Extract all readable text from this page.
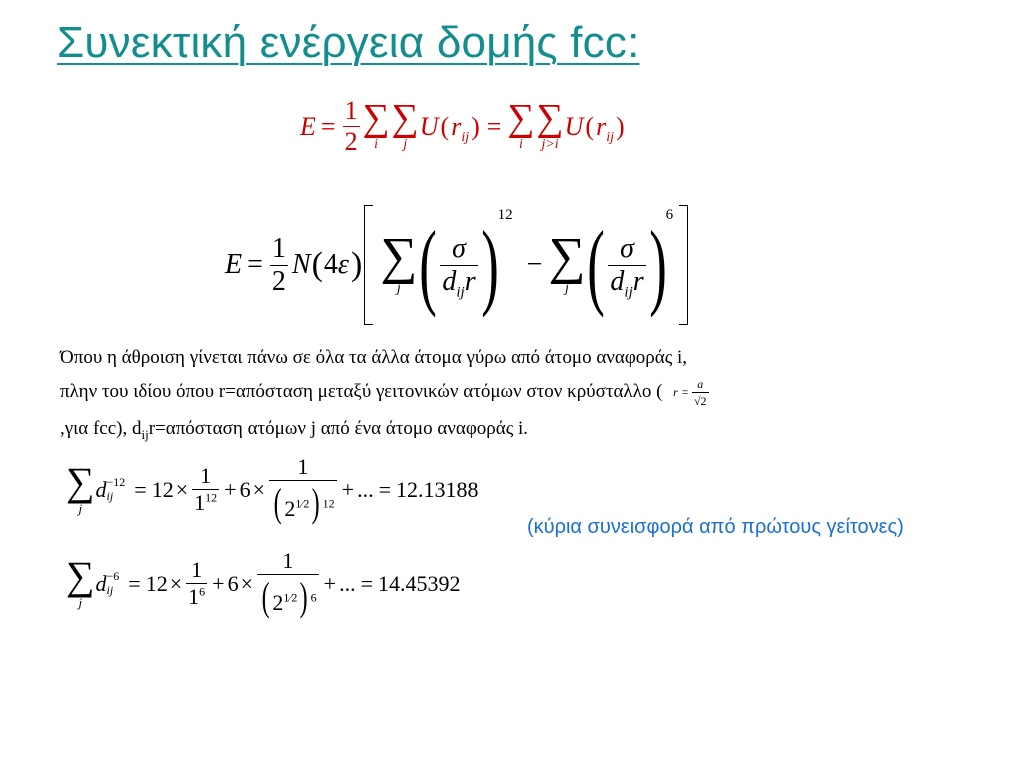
Συνεκτική ενέργεια δομής fcc:
$E = \frac{1}{2}$ ∑
i
∑
j
U ( $r_{ij}$ ) = ∑
i
∑
j>i
U ( $r_{ij}$ )
$E = \frac{1}{2}$ N ( 4 ε ) ∑
j ( $\frac{\sigma}{d_{ij}r}$ ) 12
− ∑
j ( $\frac{\sigma}{d_{ij}r}$ ) 6
Όπου η άθροιση γίνεται πάνω σε όλα τα άλλα άτομα γύρω από άτομο αναφοράς i,
πλην του ιδίου όπου r=απόσταση μεταξύ γειτονικών ατόμων στον κρύσταλλο ( $r = \frac{a}{√2}$
,για fcc), $d_{ij}r=\alpha\pi ό\sigma\tau\alpha\sigma\eta$ ατόμων j από ένα άτομο αναφοράς i.
∑
j
d −12
ij = $12 \times \frac{1}{1^{12}} + 6 \times \frac{1}{( 2^{1⁄2}) ^{12}}$ + ... = 12.13188
(κύρια συνεισφορά από πρώτους γείτονες)
∑
j
d −6
ij = $12 \times \frac{1}{1^6} + 6 \times \frac{1}{( 2^{1⁄2}) ^6}$ + ... = 14.45392
